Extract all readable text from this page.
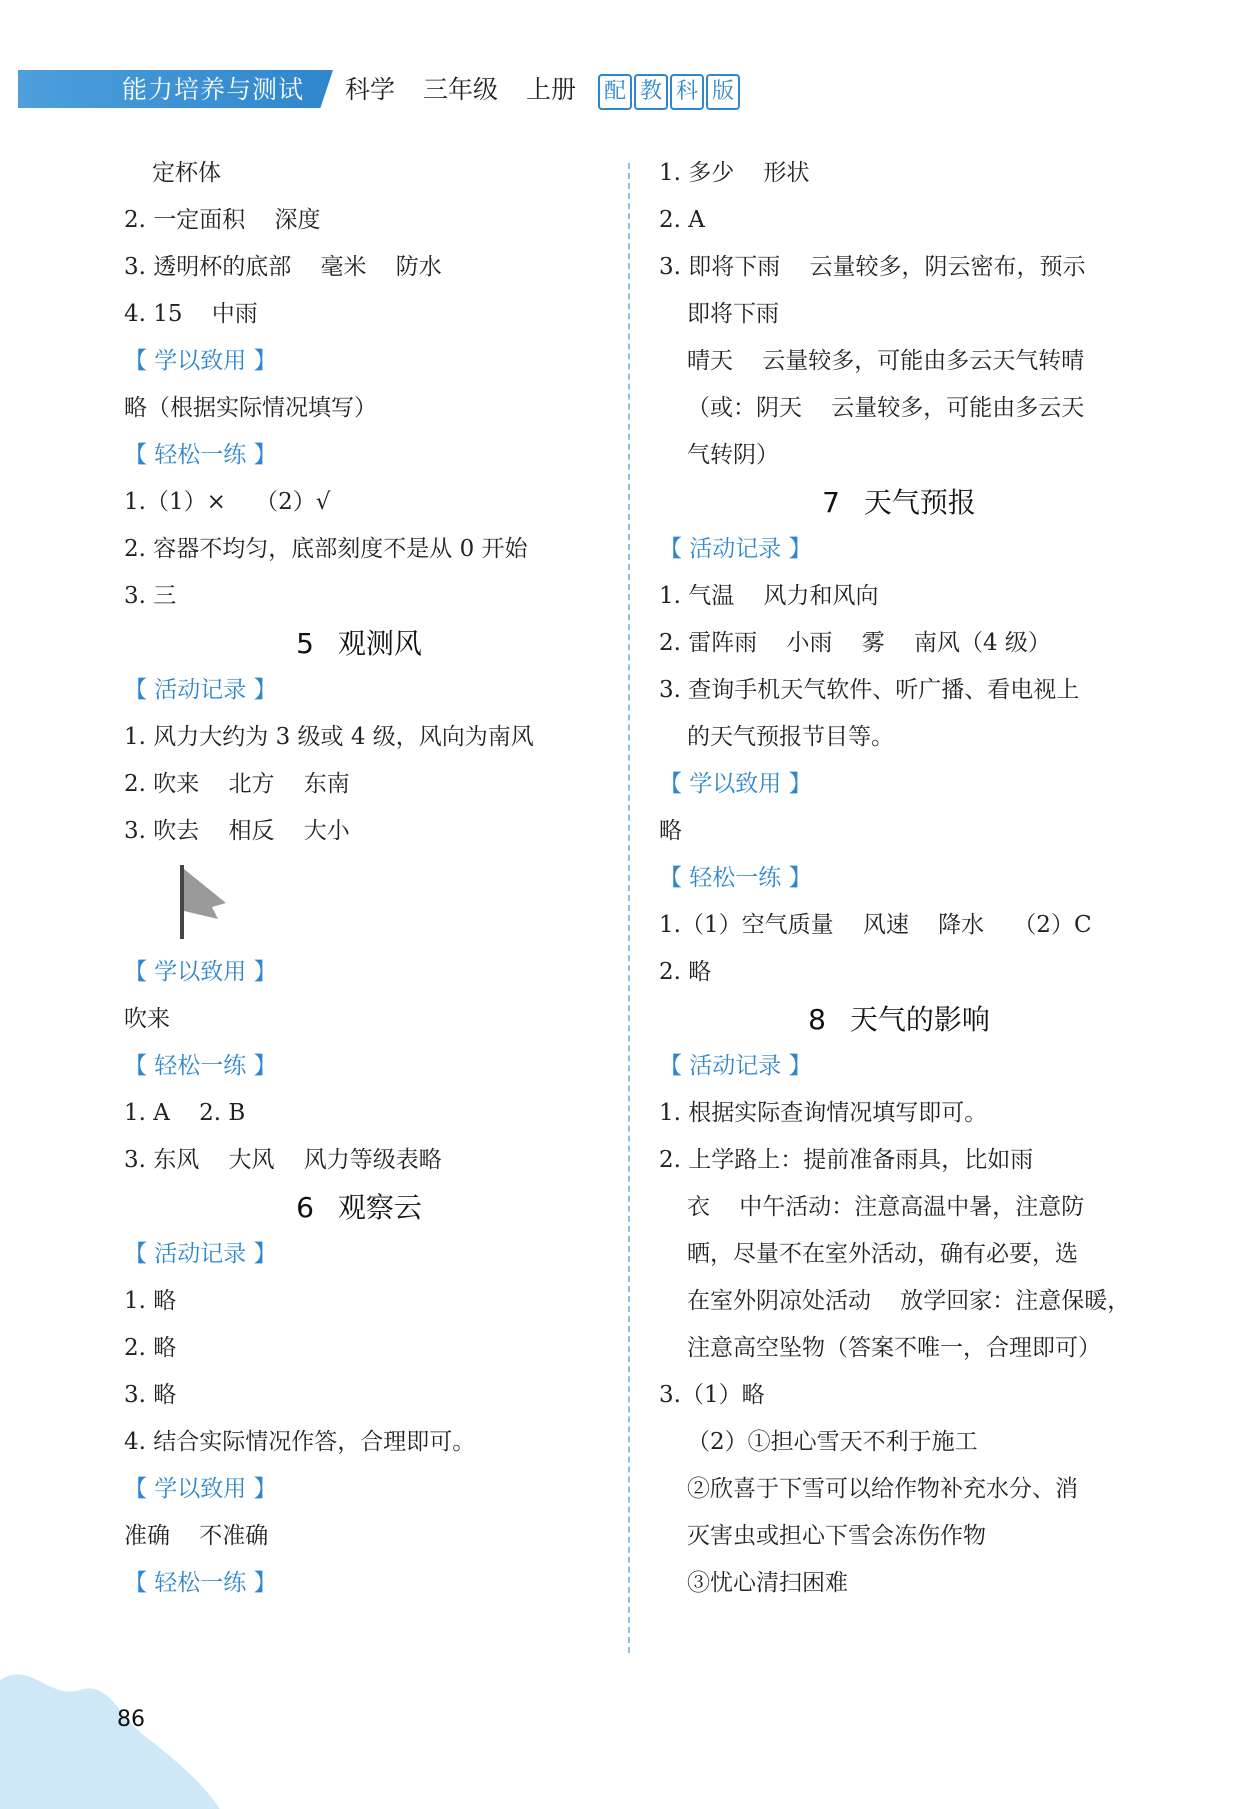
能力培养与测试 科学 三年级 上册 配 教 科 版
定杯体
2. 一定面积    深度
3. 透明杯的底部    毫米    防水
4. 15    中雨
【 学以致用 】
略（根据实际情况填写）
【 轻松一练 】
1.（1）×    （2）√
2. 容器不均匀，底部刻度不是从 0 开始
3. 三
5 观测风
【 活动记录 】
1. 风力大约为 3 级或 4 级，风向为南风
2. 吹来    北方    东南
3. 吹去    相反    大小
【 学以致用 】
吹来
【 轻松一练 】
1. A    2. B
3. 东风    大风    风力等级表略
6 观察云
【 活动记录 】
1. 略
2. 略
3. 略
4. 结合实际情况作答，合理即可。
【 学以致用 】
准确    不准确
【 轻松一练 】
1. 多少    形状
2. A
3. 即将下雨    云量较多，阴云密布，预示
即将下雨
晴天    云量较多，可能由多云天气转晴
（或：阴天    云量较多，可能由多云天
气转阴）
7 天气预报
【 活动记录 】
1. 气温    风力和风向
2. 雷阵雨    小雨    雾    南风（4 级）
3. 查询手机天气软件、听广播、看电视上
的天气预报节目等。
【 学以致用 】
略
【 轻松一练 】
1.（1）空气质量    风速    降水    （2）C
2. 略
8 天气的影响
【 活动记录 】
1. 根据实际查询情况填写即可。
2. 上学路上：提前准备雨具，比如雨
衣    中午活动：注意高温中暑，注意防
晒，尽量不在室外活动，确有必要，选
在室外阴凉处活动    放学回家：注意保暖，
注意高空坠物（答案不唯一，合理即可）
3.（1）略
（2）①担心雪天不利于施工
②欣喜于下雪可以给作物补充水分、消
灭害虫或担心下雪会冻伤作物
③忧心清扫困难
86
